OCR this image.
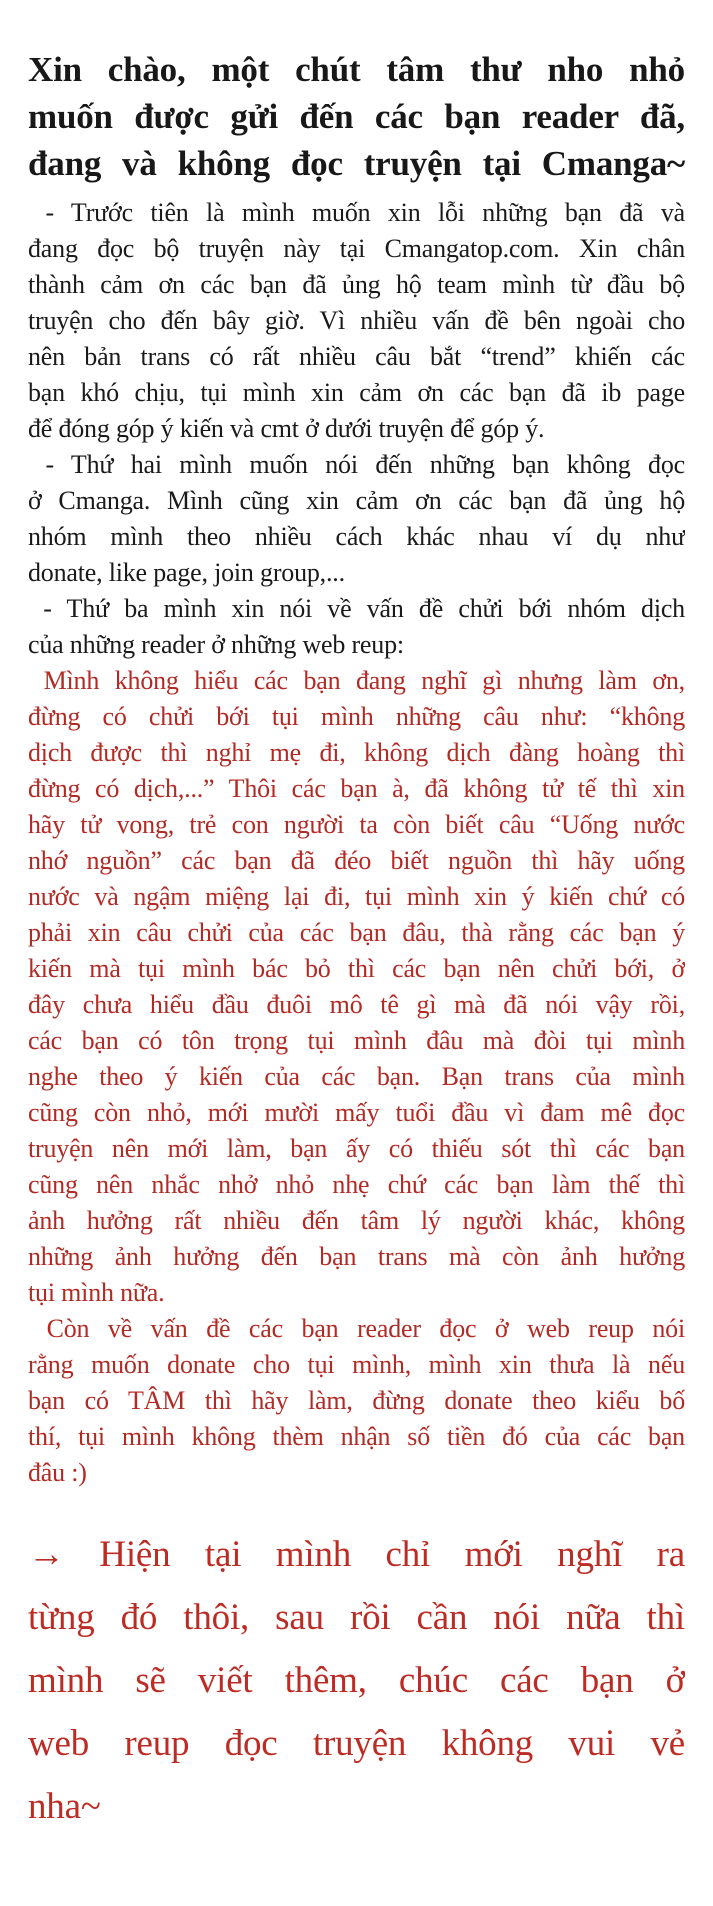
Xin chào, một chút tâm thư nho nhỏ
muốn được gửi đến các bạn reader đã,
đang và không đọc truyện tại Cmanga~
- Trước tiên là mình muốn xin lỗi những bạn đã và
đang đọc bộ truyện này tại Cmangatop.com. Xin chân
thành cảm ơn các bạn đã ủng hộ team mình từ đầu bộ
truyện cho đến bây giờ. Vì nhiều vấn đề bên ngoài cho
nên bản trans có rất nhiều câu bắt “trend” khiến các
bạn khó chịu, tụi mình xin cảm ơn các bạn đã ib page
để đóng góp ý kiến và cmt ở dưới truyện để góp ý.
- Thứ hai mình muốn nói đến những bạn không đọc
ở Cmanga. Mình cũng xin cảm ơn các bạn đã ủng hộ
nhóm mình theo nhiều cách khác nhau ví dụ như
donate, like page, join group,...
- Thứ ba mình xin nói về vấn đề chửi bới nhóm dịch
của những reader ở những web reup:
Mình không hiểu các bạn đang nghĩ gì nhưng làm ơn,
đừng có chửi bới tụi mình những câu như: “không
dịch được thì nghỉ mẹ đi, không dịch đàng hoàng thì
đừng có dịch,...” Thôi các bạn à, đã không tử tế thì xin
hãy tử vong, trẻ con người ta còn biết câu “Uống nước
nhớ nguồn” các bạn đã đéo biết nguồn thì hãy uống
nước và ngậm miệng lại đi, tụi mình xin ý kiến chứ có
phải xin câu chửi của các bạn đâu, thà rằng các bạn ý
kiến mà tụi mình bác bỏ thì các bạn nên chửi bới, ở
đây chưa hiểu đầu đuôi mô tê gì mà đã nói vậy rồi,
các bạn có tôn trọng tụi mình đâu mà đòi tụi mình
nghe theo ý kiến của các bạn. Bạn trans của mình
cũng còn nhỏ, mới mười mấy tuổi đầu vì đam mê đọc
truyện nên mới làm, bạn ấy có thiếu sót thì các bạn
cũng nên nhắc nhở nhỏ nhẹ chứ các bạn làm thế thì
ảnh hưởng rất nhiều đến tâm lý người khác, không
những ảnh hưởng đến bạn trans mà còn ảnh hưởng
tụi mình nữa.
Còn về vấn đề các bạn reader đọc ở web reup nói
rằng muốn donate cho tụi mình, mình xin thưa là nếu
bạn có TÂM thì hãy làm, đừng donate theo kiểu bố
thí, tụi mình không thèm nhận số tiền đó của các bạn
đâu :)
→ Hiện tại mình chỉ mới nghĩ ra
từng đó thôi, sau rồi cần nói nữa thì
mình sẽ viết thêm, chúc các bạn ở
web reup đọc truyện không vui vẻ
nha~
